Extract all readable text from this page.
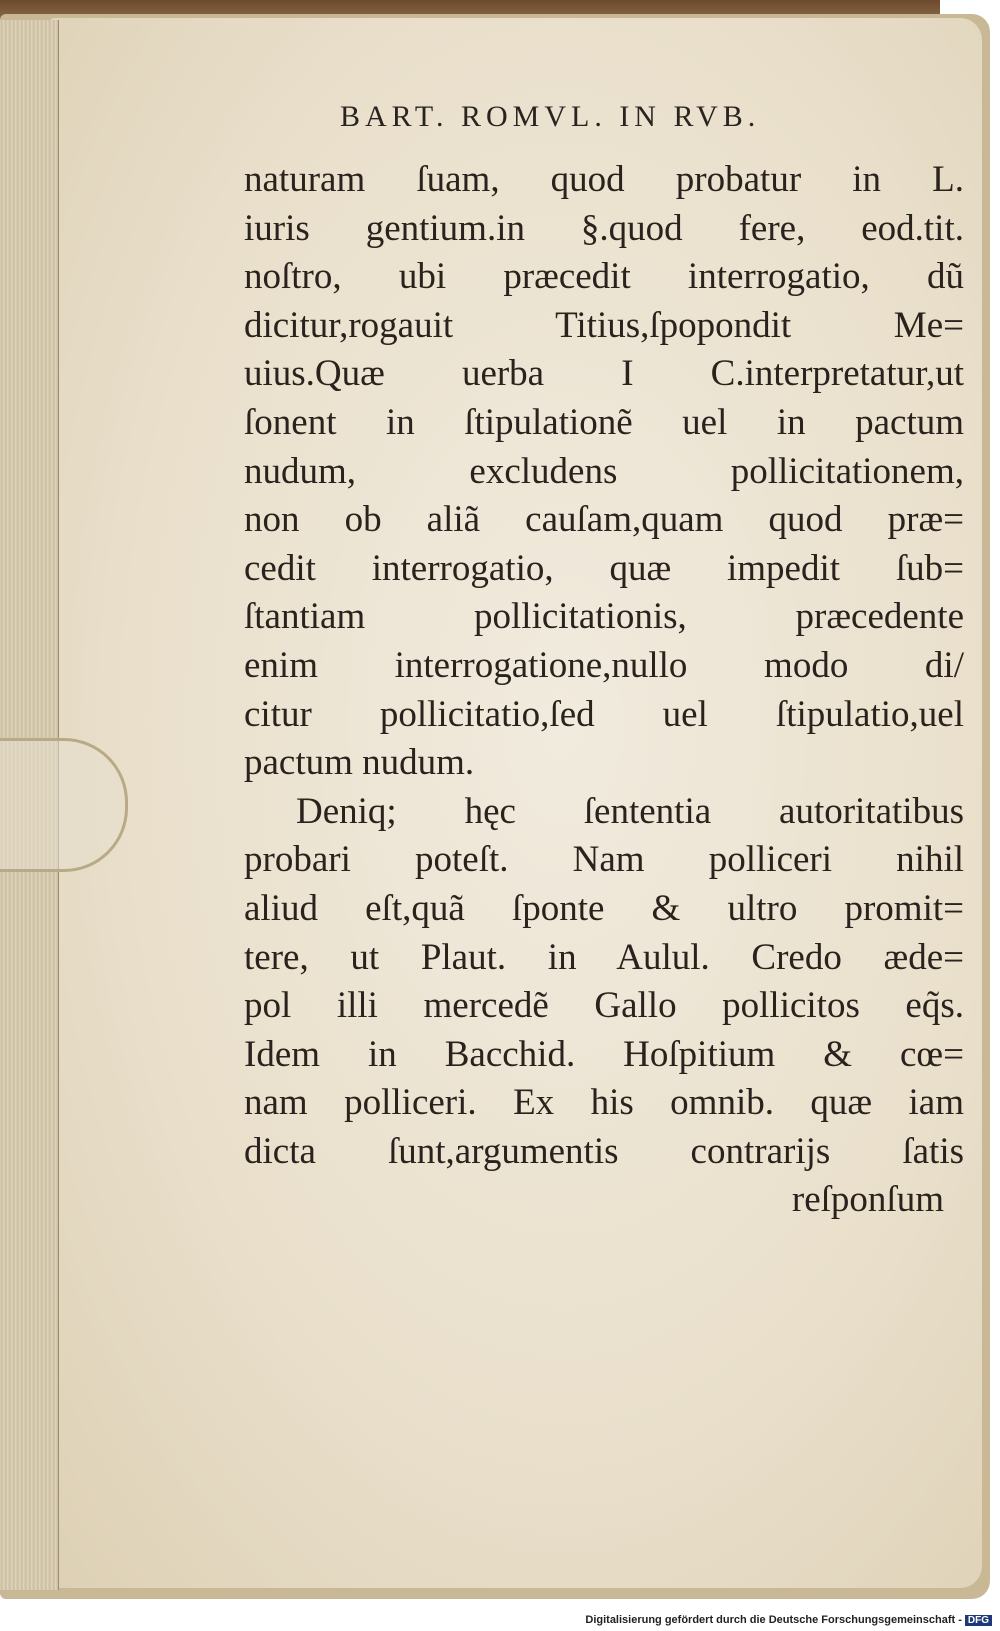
BART. ROMVL. IN RVB.
naturam ſuam, quod probatur in L.
iuris gentium.in §.quod fere, eod.tit.
noſtro, ubi præcedit interrogatio, dũ
dicitur,rogauit Titius,ſpopondit Me=
uius.Quæ uerba I C.interpretatur,ut
ſonent in ſtipulationẽ uel in pactum
nudum, excludens pollicitationem,
non ob aliã cauſam,quam quod præ=
cedit interrogatio, quæ impedit ſub=
ſtantiam pollicitationis, præcedente
enim interrogatione,nullo modo di/
citur pollicitatio,ſed uel ſtipulatio,uel
pactum nudum.
Deniq; hęc ſententia autoritatibus
probari poteſt. Nam polliceri nihil
aliud eſt,quã ſponte & ultro promit=
tere, ut Plaut. in Aulul. Credo æde=
pol illi mercedẽ Gallo pollicitos eq̃s.
Idem in Bacchid. Hoſpitium & cœ=
nam polliceri. Ex his omnib. quæ iam
dicta ſunt,argumentis contrarijs ſatis
reſponſum
Digitalisierung gefördert durch die Deutsche Forschungsgemeinschaft - DFG
